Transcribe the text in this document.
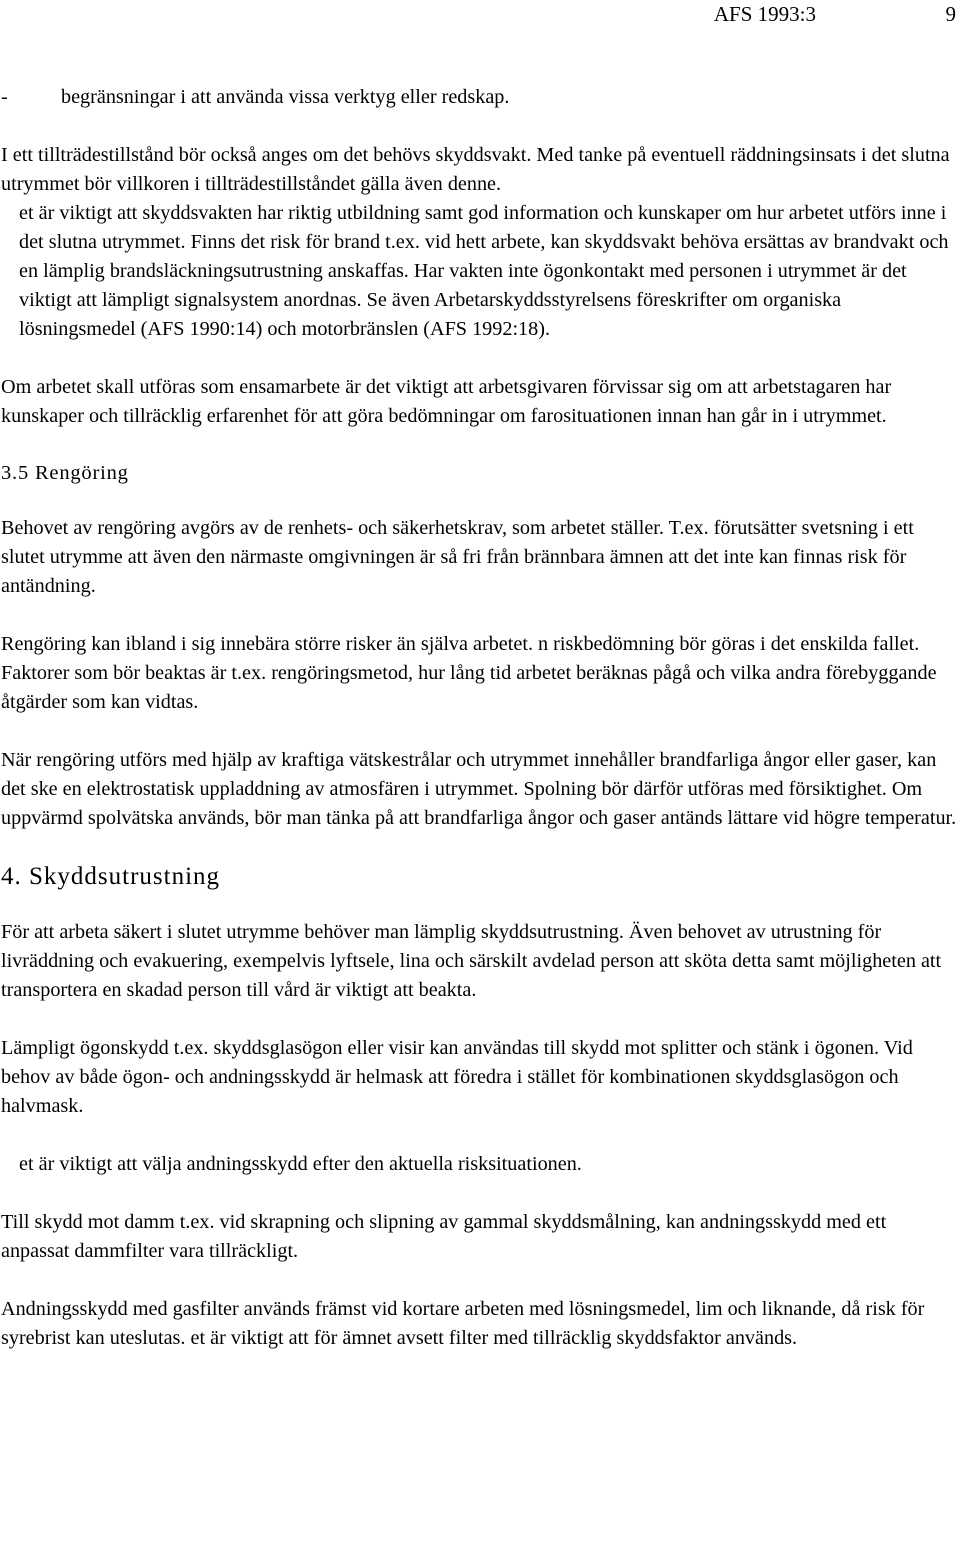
AFS 1993:3	9
-	begränsningar i att använda vissa verktyg eller redskap.

I ett tillträdestillstånd bör också anges om det behövs skyddsvakt. Med tanke på eventuell räddningsinsats i det slutna utrymmet bör villkoren i tillträdestillståndet gälla även denne.

et är viktigt att skyddsvakten har riktig utbildning samt god information och kunskaper om hur arbetet utförs inne i det slutna utrymmet. Finns det risk för brand t.ex. vid hett arbete, kan skyddsvakt behöva ersättas av brandvakt och en lämplig brandsläckningsutrustning anskaffas. Har vakten inte ögonkontakt med personen i utrymmet är det viktigt att lämpligt signalsystem anordnas. Se även Arbetarskyddsstyrelsens föreskrifter om organiska lösningsmedel (AFS 1990:14) och motorbränslen (AFS 1992:18).

Om arbetet skall utföras som ensamarbete är det viktigt att arbetsgivaren förvissar sig om att arbetstagaren har kunskaper och tillräcklig erfarenhet för att göra bedömningar om farosituationen innan han går in i utrymmet.

3.5 Rengöring

Behovet av rengöring avgörs av de renhets- och säkerhetskrav, som arbetet ställer. T.ex. förutsätter svetsning i ett slutet utrymme att även den närmaste omgivningen är så fri från brännbara ämnen att det inte kan finnas risk för antändning.

Rengöring kan ibland i sig innebära större risker än själva arbetet. n riskbedömning bör göras i det enskilda fallet. Faktorer som bör beaktas är t.ex. rengöringsmetod, hur lång tid arbetet beräknas pågå och vilka andra förebyggande åtgärder som kan vidtas.

När rengöring utförs med hjälp av kraftiga vätskestrålar och utrymmet innehåller brandfarliga ångor eller gaser, kan det ske en elektrostatisk uppladdning av atmosfären i utrymmet. Spolning bör därför utföras med försiktighet. Om uppvärmd spolvätska används, bör man tänka på att brandfarliga ångor och gaser antänds lättare vid högre temperatur.

4. Skyddsutrustning

För att arbeta säkert i slutet utrymme behöver man lämplig skyddsutrustning. Även behovet av utrustning för livräddning och evakuering, exempelvis lyftsele, lina och särskilt avdelad person att sköta detta samt möjligheten att transportera en skadad person till vård är viktigt att beakta.

Lämpligt ögonskydd t.ex. skyddsglasögon eller visir kan användas till skydd mot splitter och stänk i ögonen. Vid behov av både ögon- och andningsskydd är helmask att föredra i stället för kombinationen skyddsglasögon och halvmask.

et är viktigt att välja andningsskydd efter den aktuella risksituationen.

Till skydd mot damm t.ex. vid skrapning och slipning av gammal skyddsmålning, kan andningsskydd med ett anpassat dammfilter vara tillräckligt.

Andningsskydd med gasfilter används främst vid kortare arbeten med lösningsmedel, lim och liknande, då risk för syrebrist kan uteslutas. et är viktigt att för ämnet avsett filter med tillräcklig skyddsfaktor används.
